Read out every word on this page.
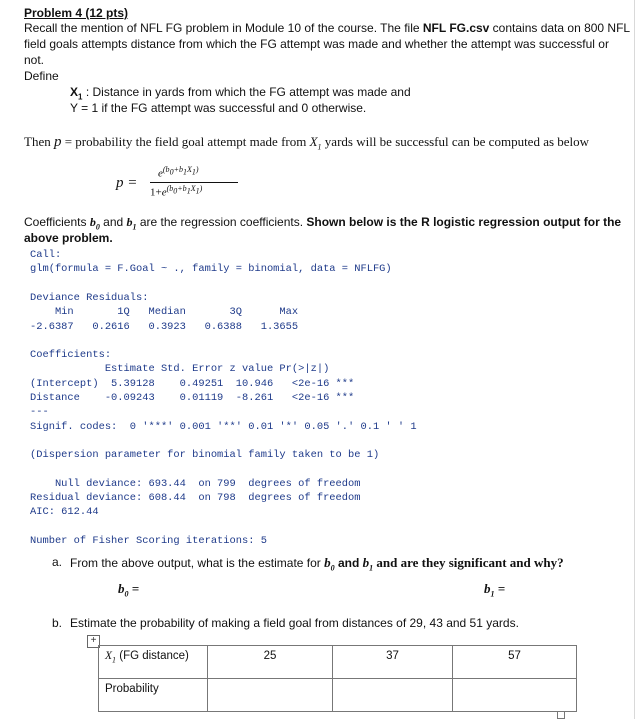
Problem 4 (12 pts)
Recall the mention of NFL FG problem in Module 10 of the course. The file NFL FG.csv contains data on 800 NFL
field goals attempts distance from which the FG attempt was made and whether the attempt was successful or
not.
Define
$X_1$ : Distance in yards from which the FG attempt was made and
Y = 1 if the FG attempt was successful and 0 otherwise.
Then p = probability the field goal attempt made from $X_1$ yards will be successful can be computed as below
p =
$e^{(b_0+b_1X_1)}$
$1+e^{(b_0+b_1X_1)}$
Coefficients $b_0$ and $b_1$ are the regression coefficients. Shown below is the R logistic regression output for the
above problem.
Call:
glm(formula = F.Goal ~ ., family = binomial, data = NFLFG)
Deviance Residuals:
Min       1Q   Median       3Q      Max
-2.6387   0.2616   0.3923   0.6388   1.3655
Coefficients:
Estimate Std. Error z value Pr(>|z|)
(Intercept)  5.39128    0.49251  10.946   <2e-16 ***
Distance    -0.09243    0.01119  -8.261   <2e-16 ***
---
Signif. codes:  0 '***' 0.001 '**' 0.01 '*' 0.05 '.' 0.1 ' ' 1
(Dispersion parameter for binomial family taken to be 1)
Null deviance: 693.44  on 799  degrees of freedom
Residual deviance: 608.44  on 798  degrees of freedom
AIC: 612.44
Number of Fisher Scoring iterations: 5
a. From the above output, what is the estimate for $b_0$ and $b_1$ and are they significant and why?
$b_0$ =	$b_1$ =
b. Estimate the probability of making a field goal from distances of 29, 43 and 51 yards.
+
$X_1$ (FG distance)	25	37	57
Probability			
